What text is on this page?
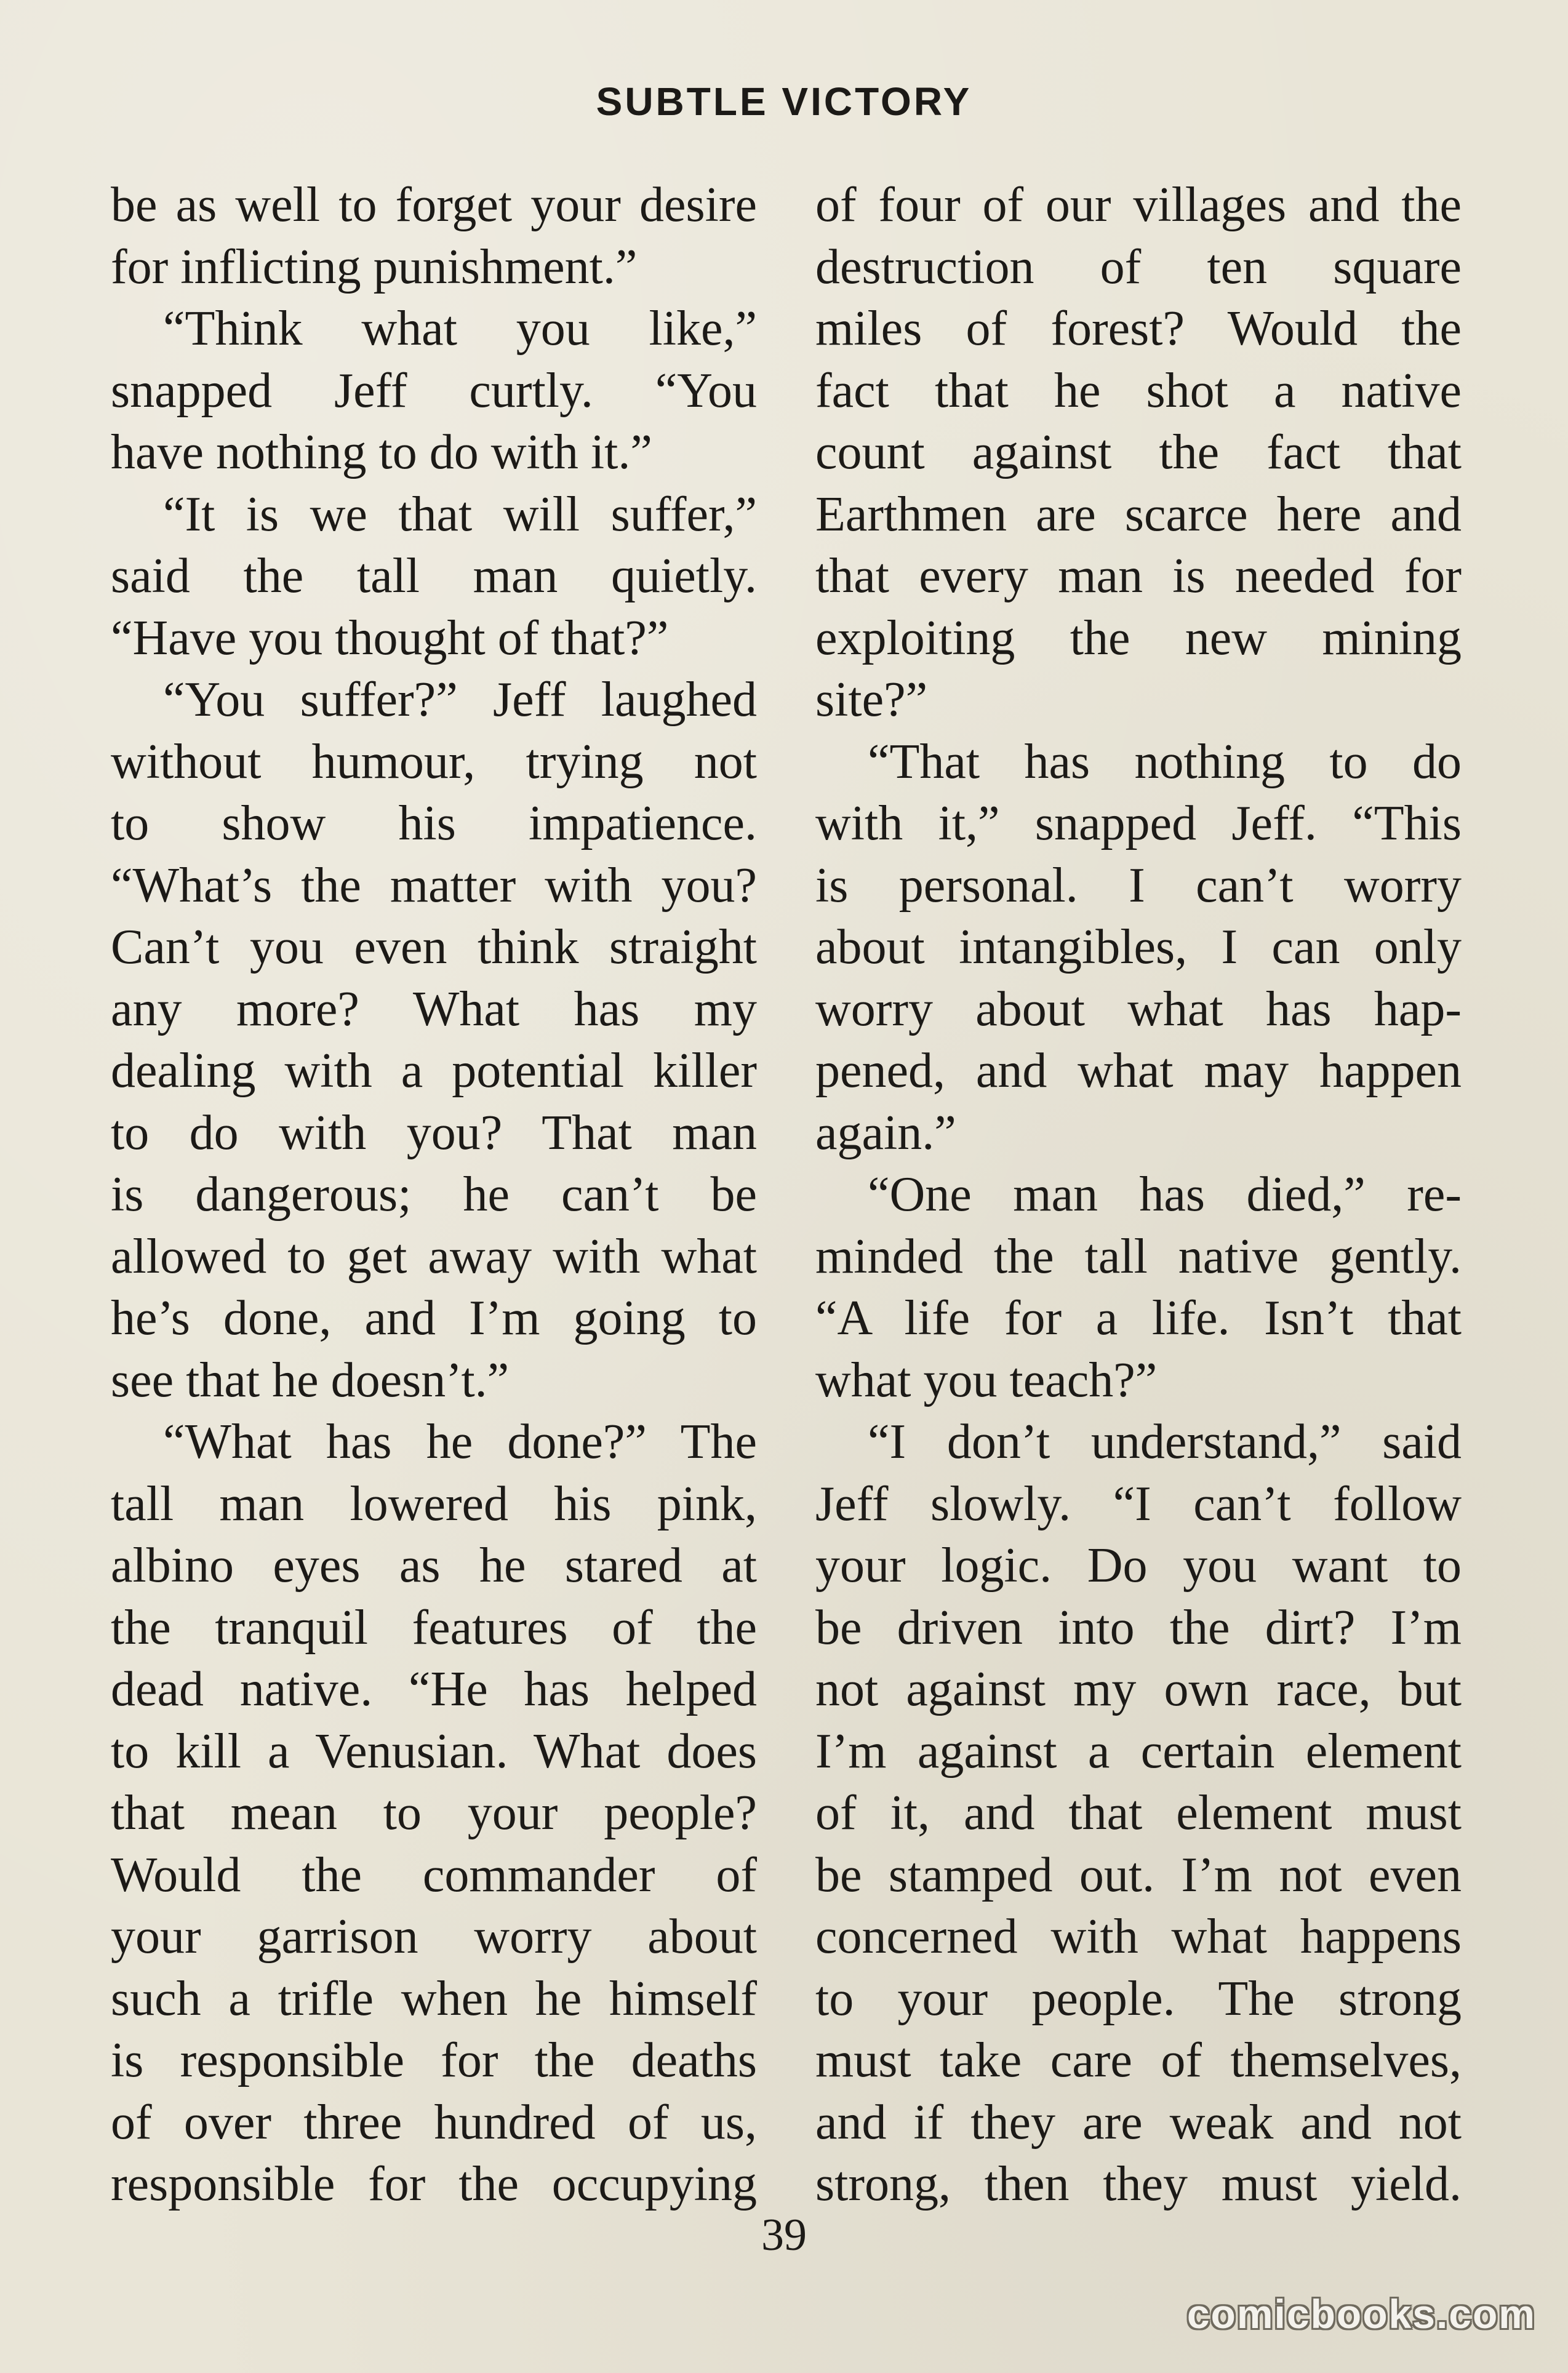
SUBTLE VICTORY
be as well to forget your desire
for inflicting punishment.”
“Think what you like,”
snapped Jeff curtly. “You
have nothing to do with it.”
“It is we that will suffer,”
said the tall man quietly.
“Have you thought of that?”
“You suffer?” Jeff laughed
without humour, trying not
to show his impatience.
“What’s the matter with you?
Can’t you even think straight
any more? What has my
dealing with a potential killer
to do with you? That man
is dangerous; he can’t be
allowed to get away with what
he’s done, and I’m going to
see that he doesn’t.”
“What has he done?” The
tall man lowered his pink,
albino eyes as he stared at
the tranquil features of the
dead native. “He has helped
to kill a Venusian. What does
that mean to your people?
Would the commander of
your garrison worry about
such a trifle when he himself
is responsible for the deaths
of over three hundred of us,
responsible for the occupying
of four of our villages and the
destruction of ten square
miles of forest? Would the
fact that he shot a native
count against the fact that
Earthmen are scarce here and
that every man is needed for
exploiting the new mining
site?”
“That has nothing to do
with it,” snapped Jeff. “This
is personal. I can’t worry
about intangibles, I can only
worry about what has hap-
pened, and what may happen
again.”
“One man has died,” re-
minded the tall native gently.
“A life for a life. Isn’t that
what you teach?”
“I don’t understand,” said
Jeff slowly. “I can’t follow
your logic. Do you want to
be driven into the dirt? I’m
not against my own race, but
I’m against a certain element
of it, and that element must
be stamped out. I’m not even
concerned with what happens
to your people. The strong
must take care of themselves,
and if they are weak and not
strong, then they must yield.
39
comicbooks.com
